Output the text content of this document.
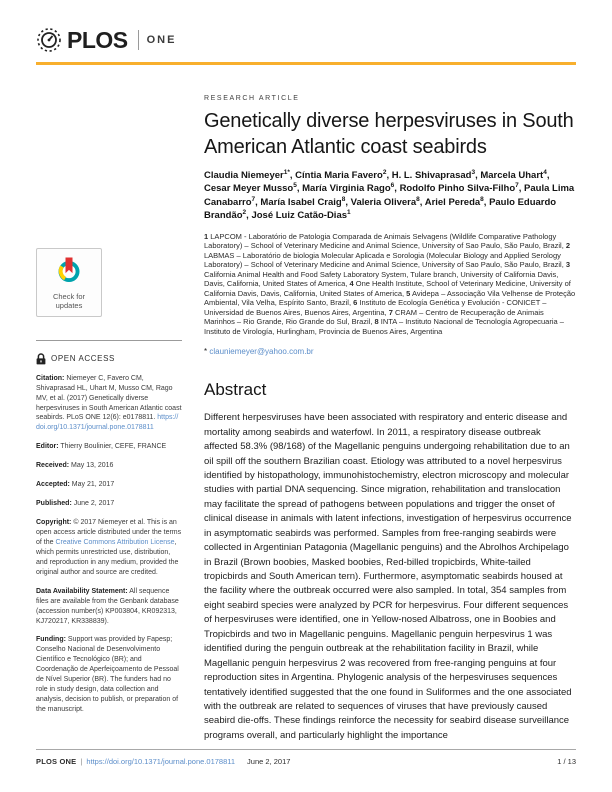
PLOS ONE
Check for
updates
OPEN ACCESS

Citation: Niemeyer C, Favero CM, Shivaprasad HL, Uhart M, Musso CM, Rago MV, et al. (2017) Genetically diverse herpesviruses in South American Atlantic coast seabirds. PLoS ONE 12(6): e0178811. https://doi.org/10.1371/journal.pone.0178811

Editor: Thierry Boulinier, CEFE, FRANCE

Received: May 13, 2016

Accepted: May 21, 2017

Published: June 2, 2017

Copyright: © 2017 Niemeyer et al. This is an open access article distributed under the terms of the Creative Commons Attribution License, which permits unrestricted use, distribution, and reproduction in any medium, provided the original author and source are credited.

Data Availability Statement: All sequence files are available from the Genbank database (accession number(s) KP003804, KR092313, KJ720217, KR338839).

Funding: Support was provided by Fapesp; Conselho Nacional de Desenvolvimento Científico e Tecnológico (BR); and Coordenação de Aperfeiçoamento de Pessoal de Nível Superior (BR). The funders had no role in study design, data collection and analysis, decision to publish, or preparation of the manuscript.

RESEARCH ARTICLE

Genetically diverse herpesviruses in South American Atlantic coast seabirds

Claudia Niemeyer$^{1*}$, Cíntia Maria Favero$^2$, H. L. Shivaprasad$^3$, Marcela Uhart$^4$, Cesar Meyer Musso$^5$, María Virginia Rago$^6$, Rodolfo Pinho Silva-Filho$^7$, Paula Lima Canabarro$^7$, María Isabel Craig$^8$, Valeria Olivera$^8$, Ariel Pereda$^8$, Paulo Eduardo Brandão$^2$, José Luiz Catão-Dias$^1$

1 LAPCOM - Laboratório de Patologia Comparada de Animais Selvagens (Wildlife Comparative Pathology Laboratory) – School of Veterinary Medicine and Animal Science, University of Sao Paulo, São Paulo, Brazil, 2 LABMAS – Laboratório de biologia Molecular Aplicada e Sorologia (Molecular Biology and Applied Serology Laboratory) – School of Veterinary Medicine and Animal Science, University of Sao Paulo, São Paulo, Brazil, 3 California Animal Health and Food Safety Laboratory System, Tulare branch, University of California Davis, Davis, California, United States of America, 4 One Health Institute, School of Veterinary Medicine, University of California Davis, Davis, California, United States of America, 5 Avidepa – Associação Vila Velhense de Proteção Ambiental, Vila Velha, Espírito Santo, Brazil, 6 Instituto de Ecología Genética y Evolución - CONICET – Universidad de Buenos Aires, Buenos Aires, Argentina, 7 CRAM – Centro de Recuperação de Animais Marinhos – Rio Grande, Rio Grande do Sul, Brazil, 8 INTA – Instituto Nacional de Tecnología Agropecuaria – Instituto de Virología, Hurlingham, Provincia de Buenos Aires, Argentina

* clauniemeyer@yahoo.com.br

Abstract

Different herpesviruses have been associated with respiratory and enteric disease and mortality among seabirds and waterfowl. In 2011, a respiratory disease outbreak affected 58.3% (98/168) of the Magellanic penguins undergoing rehabilitation due to an oil spill off the southern Brazilian coast. Etiology was attributed to a novel herpesvirus identified by histopathology, immunohistochemistry, electron microscopy and molecular studies with partial DNA sequencing. Since migration, rehabilitation and translocation may facilitate the spread of pathogens between populations and trigger the onset of clinical disease in animals with latent infections, investigation of herpesvirus occurrence in asymptomatic seabirds was performed. Samples from free-ranging seabirds were collected in Argentinian Patagonia (Magellanic penguins) and the Abrolhos Archipelago in Brazil (Brown boobies, Masked boobies, Red-billed tropicbirds, White-tailed tropicbirds and South American tern). Furthermore, asymptomatic seabirds housed at the facility where the outbreak occurred were also sampled. In total, 354 samples from eight seabird species were analyzed by PCR for herpesvirus. Four different sequences of herpesviruses were identified, one in Yellow-nosed Albatross, one in Boobies and Tropicbirds and two in Magellanic penguins. Magellanic penguin herpesvirus 1 was identified during the penguin outbreak at the rehabilitation facility in Brazil, while Magellanic penguin herpesvirus 2 was recovered from free-ranging penguins at four reproduction sites in Argentina. Phylogenic analysis of the herpesviruses sequences tentatively identified suggested that the one found in Suliformes and the one associated with the outbreak are related to sequences of viruses that have previously caused seabird die-offs. These findings reinforce the necessity for seabird disease surveillance programs overall, and particularly highlight the importance

PLOS ONE | https://doi.org/10.1371/journal.pone.0178811 June 2, 2017	1 / 13
